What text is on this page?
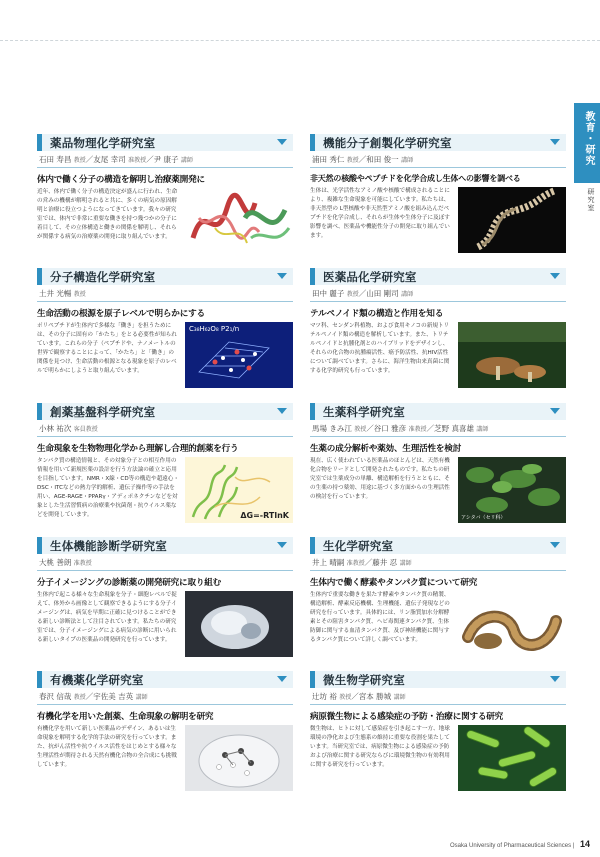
教育・研究
研究室
薬品物理化学研究室
石田 寿昌 教授／友尾 幸司 准教授／尹 康子 講師
体内で働く分子の構造を解明し治療薬開発に
近年、体内で働く分子の構造決定が盛んに行われ、生命の営みの機構が解明されると共に、多くの病気の原因解明と治療に役立つようになってきています。我々の研究室では、体内で非常に重要な働きを持つ幾つかの分子に着目して、その立体構造と働きの関係を解明し、それらが関係する病気の治療薬の開発に取り組んでいます。
分子構造化学研究室
土井 光暢 教授
生命活動の根源を原子レベルで明らかにする
ポリペプチドが生体内で多様な「働き」を担うためには、その分子に固有の「かたち」をとる必要性が知られています。これらの分子（ペプチドや、ナノメートルの世界で観察することによって、「かたち」と「働き」の関係を見つけ、生命活動の根源となる現象を原子のレベルで明らかにしようと取り組んでいます。
C₃₈H₆₂O₈ P2₁/n
創薬基盤科学研究室
小林 祐次 客員教授
生命現象を生物物理化学から理解し合理的創薬を行う
タンパク質の構造情報と、その対象分子との相互作用の情報を用いて新規医薬の設計を行う方法論の確立と応用を目指しています。NMR・X線・CD等の構造や超遠心・DSC・ITCなどの熱力学的解析、遺伝子操作等の手法を用い、AGE-RAGE・PPARγ・アディポネクチンなどを対象とした生活習慣病の治療薬や抗菌剤・抗ウイルス薬などを開発しています。	ΔG=-RTlnK
生体機能診断学研究室
大桃 善朗 准教授
分子イメージングの診断薬の開発研究に取り組む
生体内で起こる様々な生命現象を分子・細胞レベルで捉えて、体外から画像として観察できるようにする分子イメージングは、病気を早期に正確に見つけることができる新しい診断法として注目されています。私たちの研究室では、分子イメージングによる病気の診断に用いられる新しいタイプの医薬品の開発研究を行っています。
有機薬化学研究室
春沢 信哉 教授／宇佐美 吉英 講師
有機化学を用いた創薬、生命現象の解明を研究
有機化学を用いて新しい医薬品のデザイン、あるいは生命現象を解明する化学的手法の研究を行っています。また、抗がん活性や抗ウイルス活性をはじめとする様々な生理活性が期待される天然有機化合物の全合成にも挑戦しています。
機能分子創製化学研究室
浦田 秀仁 教授／和田 俊一 講師
非天然の核酸やペプチドを化学合成し生体への影響を調べる
生体は、光学活性なアミノ酸や核酸で構成されることにより、複雑な生命現象を可能にしています。私たちは、非天然型の L型核酸や非天然型アミノ酸を組み込んだペプチドを化学合成し、それらが生体や生体分子に及ぼす影響を調べ、医薬品や機能性分子の開発に取り組んでいます。
医薬品化学研究室
田中 麗子 教授／山田 剛司 講師
テルペノイド類の構造と作用を知る
マツ科、センダン科植物、および食用キノコの新規トリテルペノイド類の構造を解析しています。また、トリテルペノイドと抗腫化剤とのハイブリッドをデザインし、それらの化合物の抗腫瘍活性、癌予防活性、抗HIV活性について調べています。さらに、海洋生物由来真菌に関する化学的研究も行っています。
生薬科学研究室
馬場 きみ江 教授／谷口 雅彦 准教授／芝野 真喜雄 講師
生薬の成分解析や薬効、生理活性を検討
現在、広く使われている医薬品のほとんどは、天然有機化合物をリードとして開発されたものです。私たちの研究室では生薬成分の単離、構造解析を行うとともに、その生薬の持つ薬効、用途に基づく多方面からの生理活性の検討を行っています。
アシタバ（セリ科）
生化学研究室
井上 晴嗣 准教授／藤井 忍 講師
生体内で働く酵素やタンパク質について研究
生体内で重要な働きを果たす酵素やタンパク質の精製、構造解析、酵素反応機構、生理機能、遺伝子発現などの研究を行っています。具体的には、リン脂質加水分解酵素とその阻害タンパク質、ヘビ毒関連タンパク質、生体防御に関与する血清タンパク質、及び神経機能に関与するタンパク質について詳しく調べています。
微生物学研究室
辻坊 裕 教授／宮本 勝城 講師
病原微生物による感染症の予防・治療に関する研究
微生物は、ヒトに対して感染症を引き起こす一方、地球環境の浄化および生態系の維持に重要な役割を果たしています。当研究室では、病原微生物による感染症の予防および治療に関する研究ならびに環境微生物の有効利用に関する研究を行っています。
Osaka University of Pharmaceutical Sciences | 14
